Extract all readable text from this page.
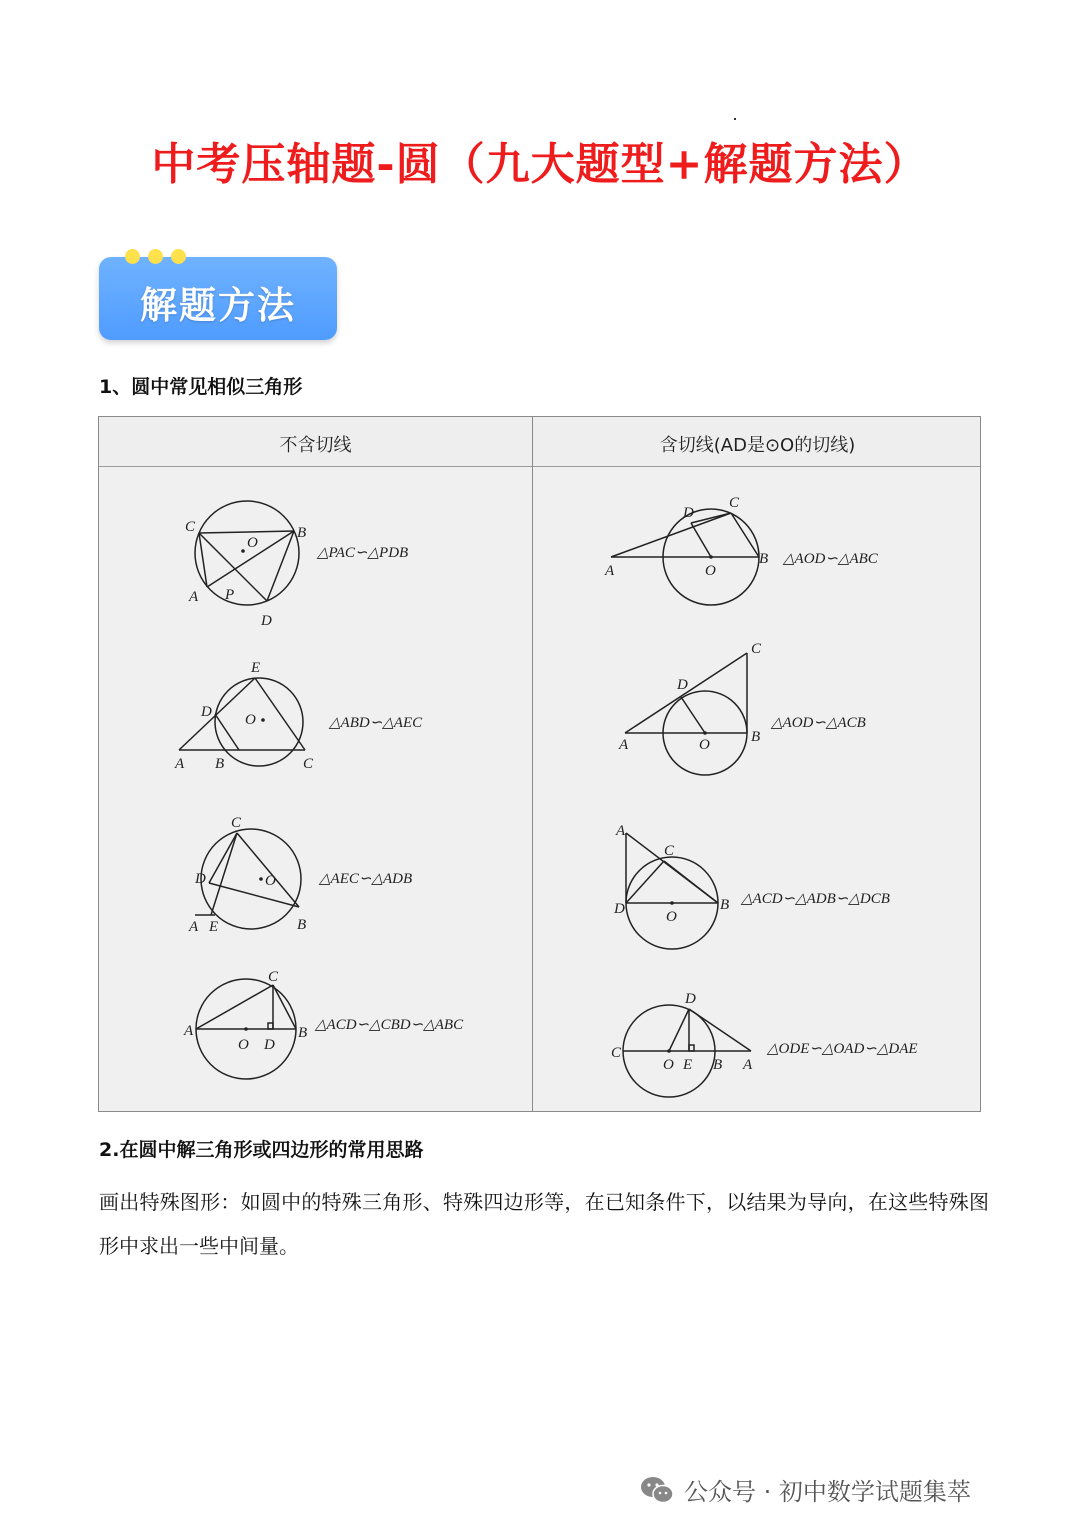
中考压轴题-圆（九大题型+解题方法）
解题方法
1、圆中常见相似三角形
不含切线	含切线(AD是⊙O的切线)
C
O
B
A P
D
△PAC∽△PDB
E
D O
A B	C
△ABD∽△AEC
C
D	O
A E	B
△AEC∽△ADB
C
A
O D
B △ACD∽△CBD∽△ABC
D
C
A	O
B △AOD∽△ABC
D
C
A	O	B
△AOD∽△ACB
A
C
D	O
B △ACD∽△ADB∽△DCB
D
C
O E B A
△ODE∽△OAD∽△DAE
2.在圆中解三角形或四边形的常用思路
画出特殊图形：如圆中的特殊三角形、特殊四边形等，在已知条件下，以结果为导向，在这些特殊图形中求出一些中间量。
公众号 · 初中数学试题集萃
